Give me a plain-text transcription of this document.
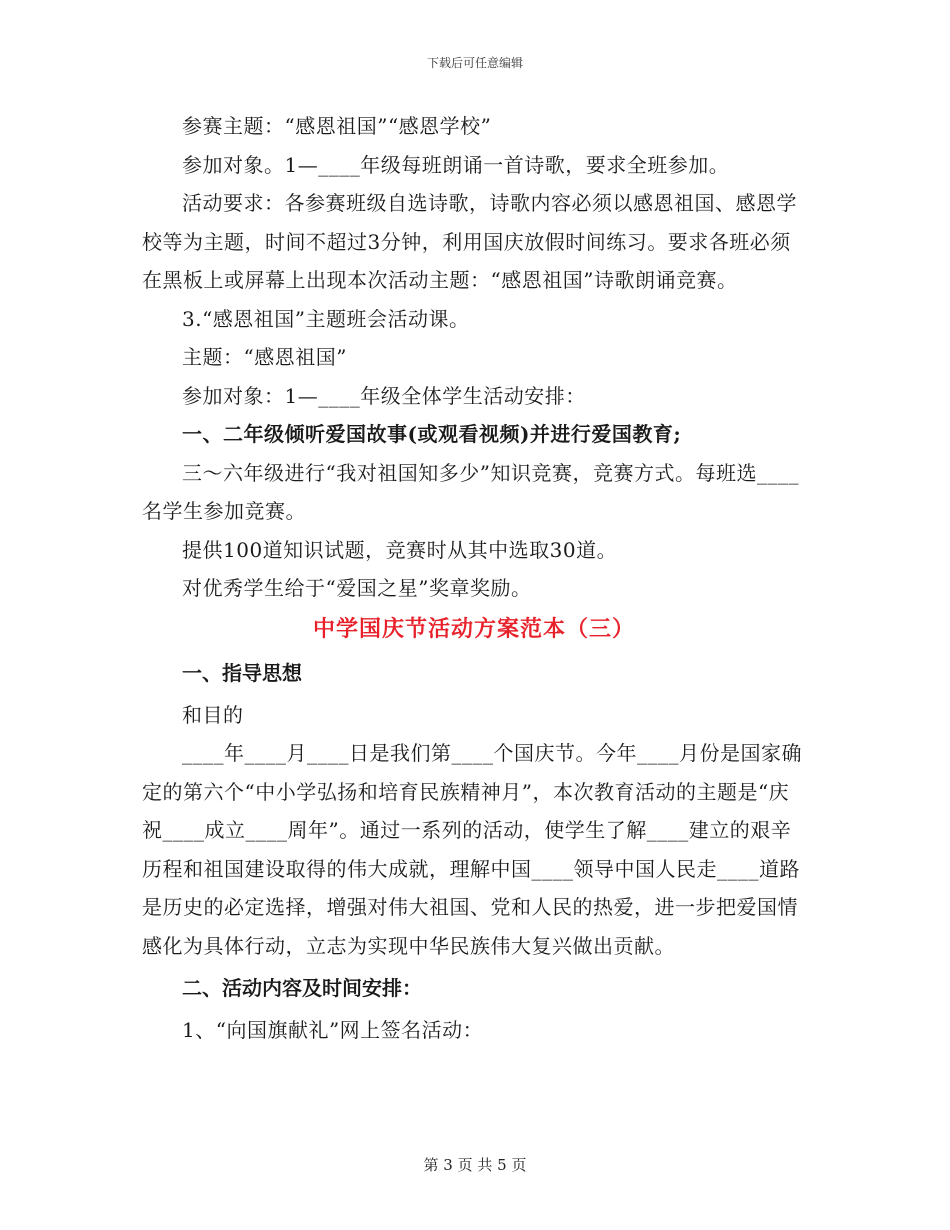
下载后可任意编辑

参赛主题：“感恩祖国”“感恩学校”

参加对象。1—____年级每班朗诵一首诗歌，要求全班参加。

活动要求：各参赛班级自选诗歌，诗歌内容必须以感恩祖国、感恩学校等为主题，时间不超过3分钟，利用国庆放假时间练习。要求各班必须在黑板上或屏幕上出现本次活动主题：“感恩祖国”诗歌朗诵竞赛。

3.“感恩祖国”主题班会活动课。

主题：“感恩祖国”

参加对象：1—____年级全体学生活动安排：

一、二年级倾听爱国故事(或观看视频)并进行爱国教育;

三～六年级进行“我对祖国知多少”知识竞赛，竞赛方式。每班选____名学生参加竞赛。

提供100道知识试题，竞赛时从其中选取30道。

对优秀学生给于“爱国之星”奖章奖励。

中学国庆节活动方案范本（三）
一、指导思想

和目的

____年____月____日是我们第____个国庆节。今年____月份是国家确定的第六个“中小学弘扬和培育民族精神月”，本次教育活动的主题是“庆祝____成立____周年”。通过一系列的活动，使学生了解____建立的艰辛历程和祖国建设取得的伟大成就，理解中国____领导中国人民走____道路是历史的必定选择，增强对伟大祖国、党和人民的热爱，进一步把爱国情感化为具体行动，立志为实现中华民族伟大复兴做出贡献。

二、活动内容及时间安排：

1、“向国旗献礼”网上签名活动：

第 3 页 共 5 页
